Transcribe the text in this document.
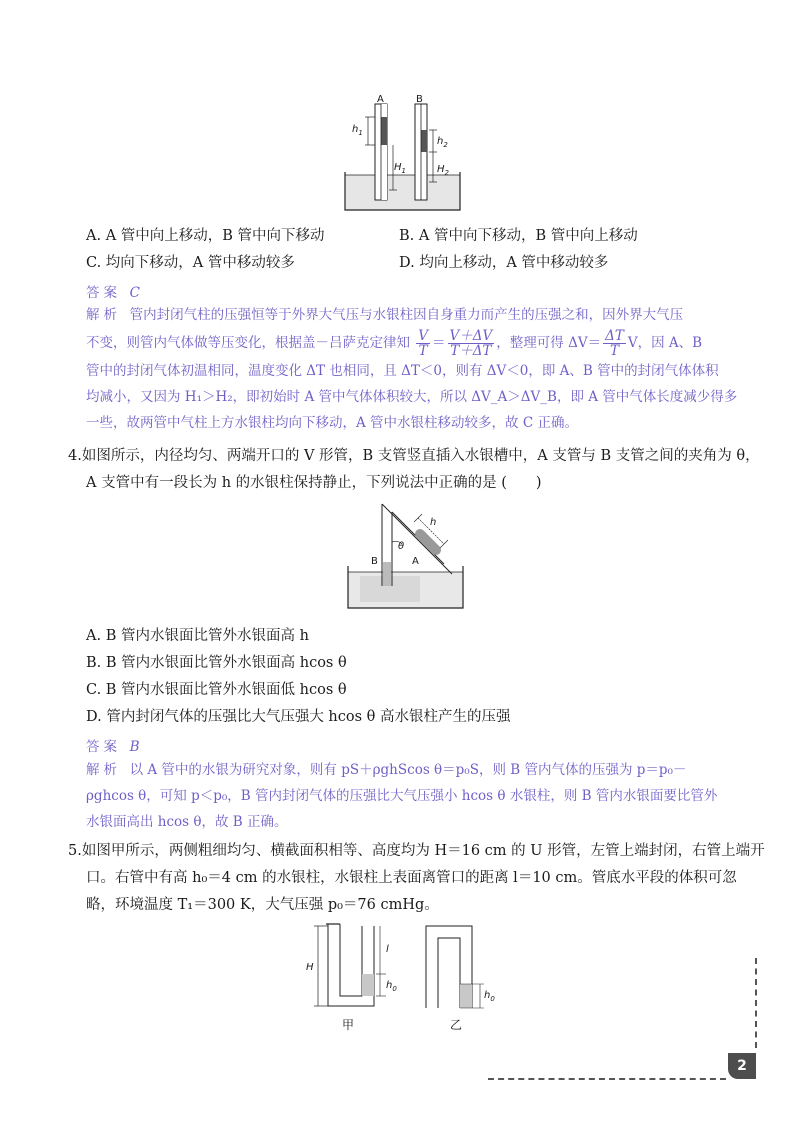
A	B
$h_1$
$H_1$
$h_2$
$H_2$
A. A 管中向上移动，B 管中向下移动	B. A 管中向下移动，B 管中向上移动
C. 均向下移动，A 管中移动较多	D. 均向上移动，A 管中移动较多
答案 C
解析 管内封闭气柱的压强恒等于外界大气压与水银柱因自身重力而产生的压强之和，因外界大气压
不变，则管内气体做等压变化，根据盖－吕萨克定律知 $\frac{V}{T} = \frac{V+\Delta V}{T+\Delta T}$ ，整理可得 $\Delta V= \frac{\Delta T}{T}$ V，因 A、B
管中的封闭气体初温相同，温度变化 ΔT 也相同，且 ΔT＜0，则有 ΔV＜0，即 A、B 管中的封闭气体体积
均减小，又因为 H₁＞H₂，即初始时 A 管中气体体积较大，所以 ΔV_A＞ΔV_B，即 A 管中气体长度减少得多
一些，故两管中气柱上方水银柱均向下移动，A 管中水银柱移动较多，故 C 正确。
4.如图所示，内径均匀、两端开口的 V 形管，B 支管竖直插入水银槽中，A 支管与 B 支管之间的夹角为 θ，
A 支管中有一段长为 h 的水银柱保持静止，下列说法中正确的是 (　　)
h
θ
A
B
A. B 管内水银面比管外水银面高 h
B. B 管内水银面比管外水银面高 hcos θ
C. B 管内水银面比管外水银面低 hcos θ
D. 管内封闭气体的压强比大气压强大 hcos θ 高水银柱产生的压强
答案 B
解析 以 A 管中的水银为研究对象，则有 pS＋ρghScos θ＝p₀S，则 B 管内气体的压强为 p＝p₀－
ρghcos θ，可知 p＜p₀，B 管内封闭气体的压强比大气压强小 hcos θ 水银柱，则 B 管内水银面要比管外
水银面高出 hcos θ，故 B 正确。
5.如图甲所示，两侧粗细均匀、横截面积相等、高度均为 H＝16 cm 的 U 形管，左管上端封闭，右管上端开
口。右管中有高 h₀＝4 cm 的水银柱，水银柱上表面离管口的距离 l＝10 cm。管底水平段的体积可忽
略，环境温度 T₁＝300 K，大气压强 p₀＝76 cmHg。
H
l
$h_0$
甲
$h_0$
乙
2
